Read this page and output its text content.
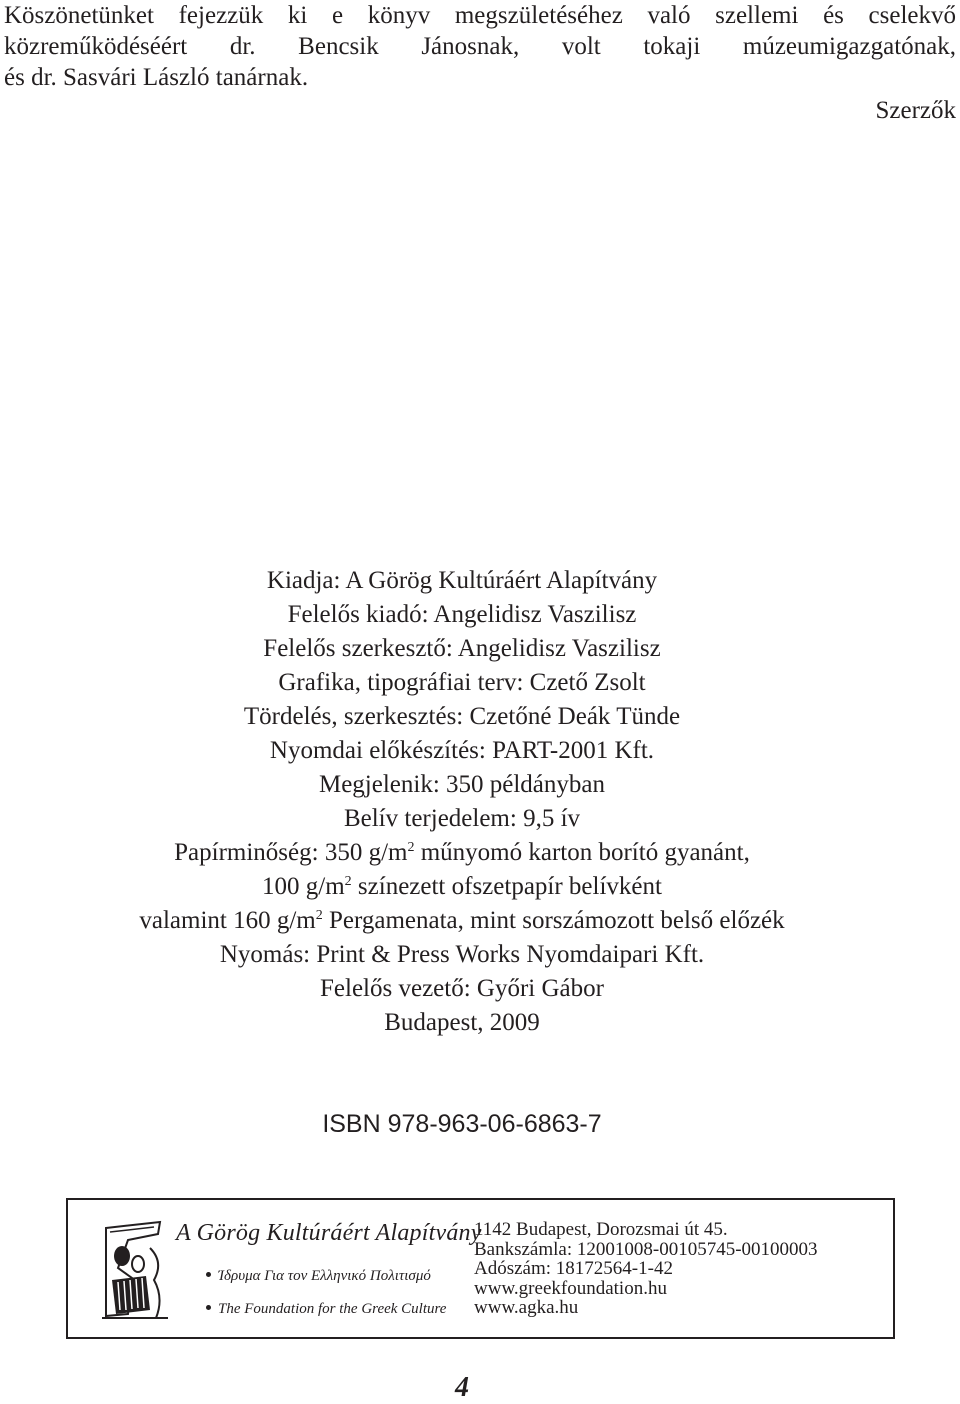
Köszönetünket fejezzük ki e könyv megszületéséhez való szellemi és cselekvő

közreműködéséért dr. Bencsik Jánosnak, volt tokaji múzeumigazgatónak,

és dr. Sasvári László tanárnak.

Szerzők
Kiadja: A Görög Kultúráért Alapítvány
Felelős kiadó: Angelidisz Vaszilisz
Felelős szerkesztő: Angelidisz Vaszilisz
Grafika, tipográfiai terv: Czető Zsolt
Tördelés, szerkesztés: Czetőné Deák Tünde
Nyomdai előkészítés: PART-2001 Kft.
Megjelenik: 350 példányban
Belív terjedelem: 9,5 ív
Papírminőség: 350 $g/m^2$ műnyomó karton borító gyanánt,
100 $g/m^2$ színezett ofszetpapír belívként
valamint 160 $g/m^2$ Pergamenata, mint sorszámozott belső előzék
Nyomás: Print & Press Works Nyomdaipari Kft.
Felelős vezető: Győri Gábor
Budapest, 2009
ISBN 978-963-06-6863-7
A Görög Kultúráért Alapítvány
Ίδρυμα Για τον Ελληνικό Πολιτισμό
The Foundation for the Greek Culture
1142 Budapest, Dorozsmai út 45.
Bankszámla: 12001008-00105745-00100003
Adószám: 18172564-1-42
www.greekfoundation.hu
www.agka.hu
4
